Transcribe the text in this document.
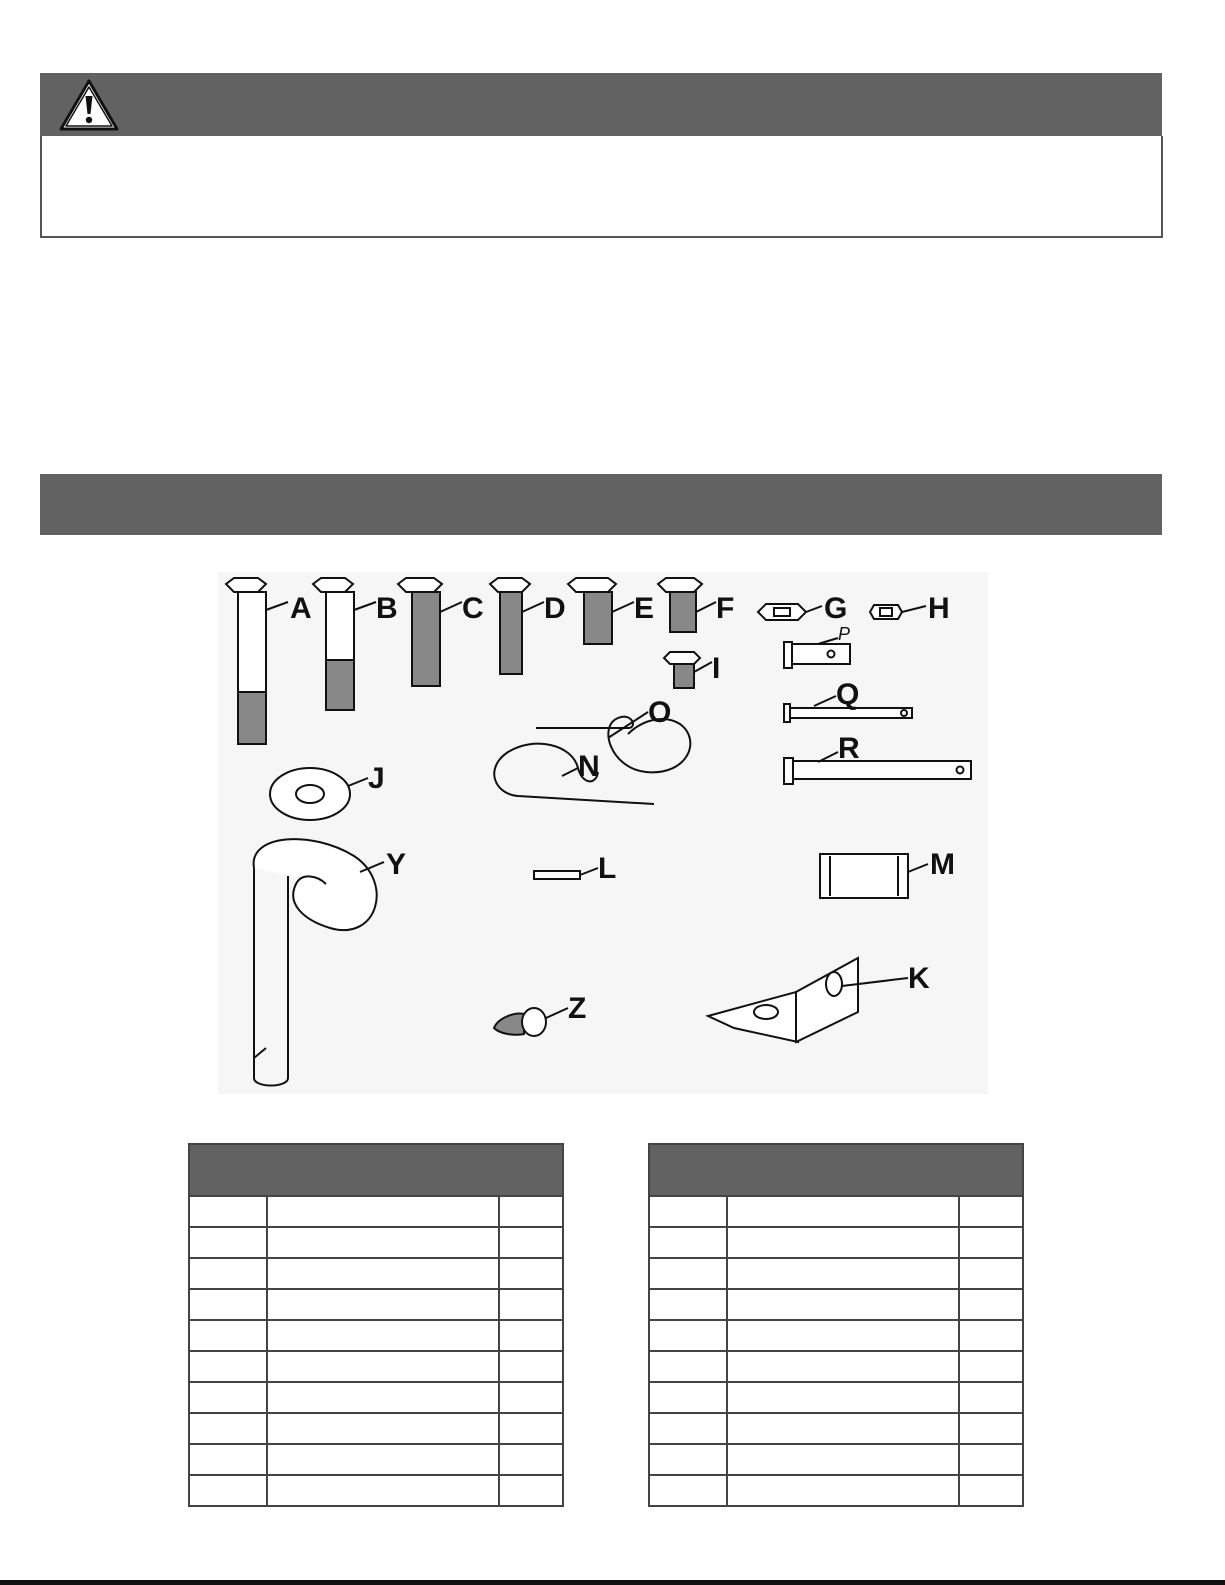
A B C D E F	G	H
P
I
Q
O
R
J	N
Y	L	M
Z
K
